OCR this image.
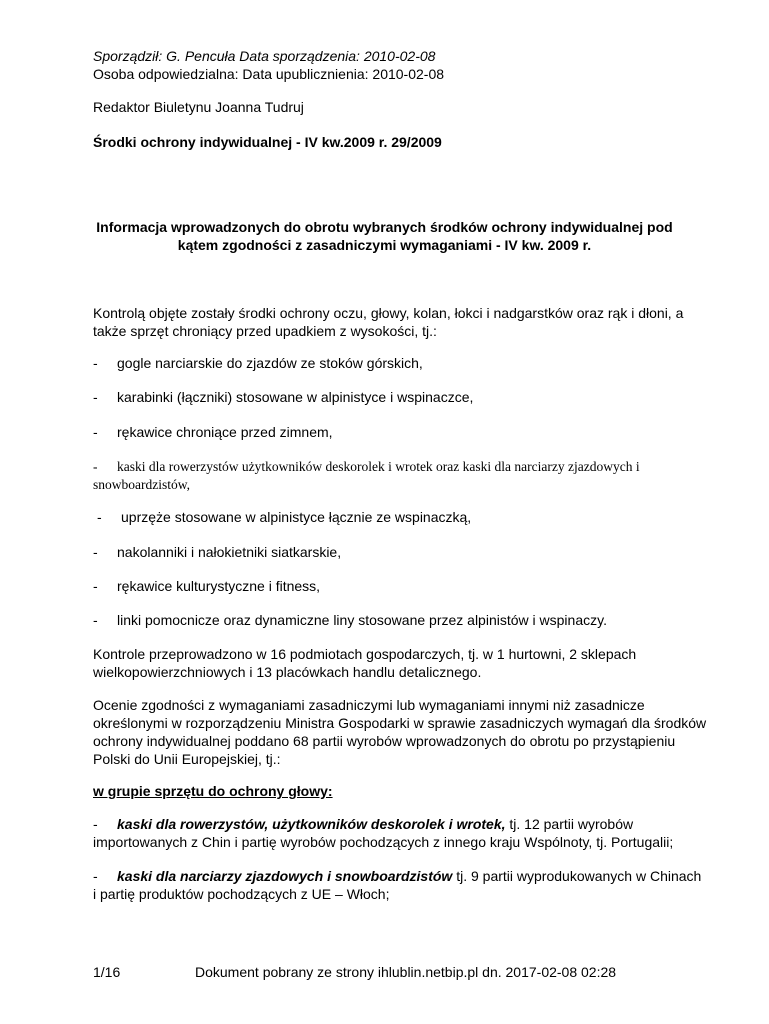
Sporządził: G. Pencuła Data sporządzenia: 2010-02-08
Osoba odpowiedzialna: Data upublicznienia: 2010-02-08
Redaktor Biuletynu Joanna Tudruj
Środki ochrony indywidualnej - IV kw.2009 r. 29/2009
Informacja wprowadzonych do obrotu wybranych środków ochrony indywidualnej pod
kątem zgodności z zasadniczymi wymaganiami - IV kw. 2009 r.
Kontrolą objęte zostały środki ochrony oczu, głowy, kolan, łokci i nadgarstków oraz rąk i dłoni, a
także sprzęt chroniący przed upadkiem z wysokości, tj.:
- gogle narciarskie do zjazdów ze stoków górskich,
- karabinki (łączniki) stosowane w alpinistyce i wspinaczce,
- rękawice chroniące przed zimnem,
- kaski dla rowerzystów użytkowników deskorolek i wrotek oraz kaski dla narciarzy zjazdowych i
snowboardzistów,
- uprzęże stosowane w alpinistyce łącznie ze wspinaczką,
- nakolanniki i nałokietniki siatkarskie,
- rękawice kulturystyczne i fitness,
- linki pomocnicze oraz dynamiczne liny stosowane przez alpinistów i wspinaczy.
Kontrole przeprowadzono w 16 podmiotach gospodarczych, tj. w 1 hurtowni, 2 sklepach
wielkopowierzchniowych i 13 placówkach handlu detalicznego.
Ocenie zgodności z wymaganiami zasadniczymi lub wymaganiami innymi niż zasadnicze
określonymi w rozporządzeniu Ministra Gospodarki w sprawie zasadniczych wymagań dla środków
ochrony indywidualnej poddano 68 partii wyrobów wprowadzonych do obrotu po przystąpieniu
Polski do Unii Europejskiej, tj.:
w grupie sprzętu do ochrony głowy:
- kaski dla rowerzystów, użytkowników deskorolek i wrotek, tj. 12 partii wyrobów
importowanych z Chin i partię wyrobów pochodzących z innego kraju Wspólnoty, tj. Portugalii;
- kaski dla narciarzy zjazdowych i snowboardzistów tj. 9 partii wyprodukowanych w Chinach
i partię produktów pochodzących z UE – Włoch;
1/16	Dokument pobrany ze strony ihlublin.netbip.pl dn. 2017-02-08 02:28
